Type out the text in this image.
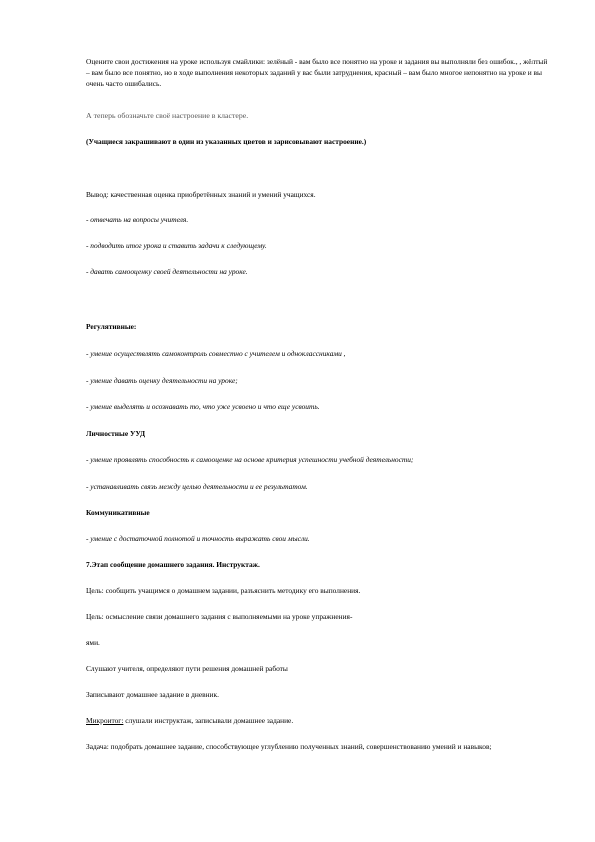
Оцените свои достижения на уроке используя смайлики: зелёный - вам было все понятно на уроке и задания вы выполняли без ошибок., , жёлтый – вам было все понятно, но в ходе выполнения некоторых заданий у вас были затруднения, красный – вам было многое непонятно на уроке и вы очень часто ошибались.

А теперь обозначьте своё настроение в кластере.

(Учащиеся закрашивают в один из указанных цветов и зарисовывают настроение.)

Вывод: качественная оценка приобретённых знаний и умений учащихся.

- отвечать на вопросы учителя.

- подводить итог урока и ставить задачи к следующему.

- давать самооценку своей деятельности на уроке.

Регулятивные:

- умение осуществлять самоконтроль совместно с учителем и одноклассниками ,

- умение давать оценку деятельности на уроке;

- умение выделять и осознавать то, что уже усвоено и что еще усвоить.

Личностные УУД

- умение проявлять способность к самооценке на основе критерия успешности учебной деятельности;

- устанавливать связь между целью деятельности и ее результатом.

Коммуникативные

- умение с достаточной полнотой и точность выражать свои мысли.

7.Этап сообщение домашнего задания. Инструктаж.

Цель: сообщить учащимся о домашнем задании, разъяснить методику его выполнения.

Цель: осмысление связи домашнего задания с выполняемыми на уроке упражнения-

ями.

Слушают учителя, определяют пути решения домашней работы

Записывают домашнее задание в дневник.

Микроитог: слушали инструктаж, записывали домашнее задание.

Задача: подобрать домашнее задание, способствующее углублению полученных знаний, совершенствованию умений и навыков;
